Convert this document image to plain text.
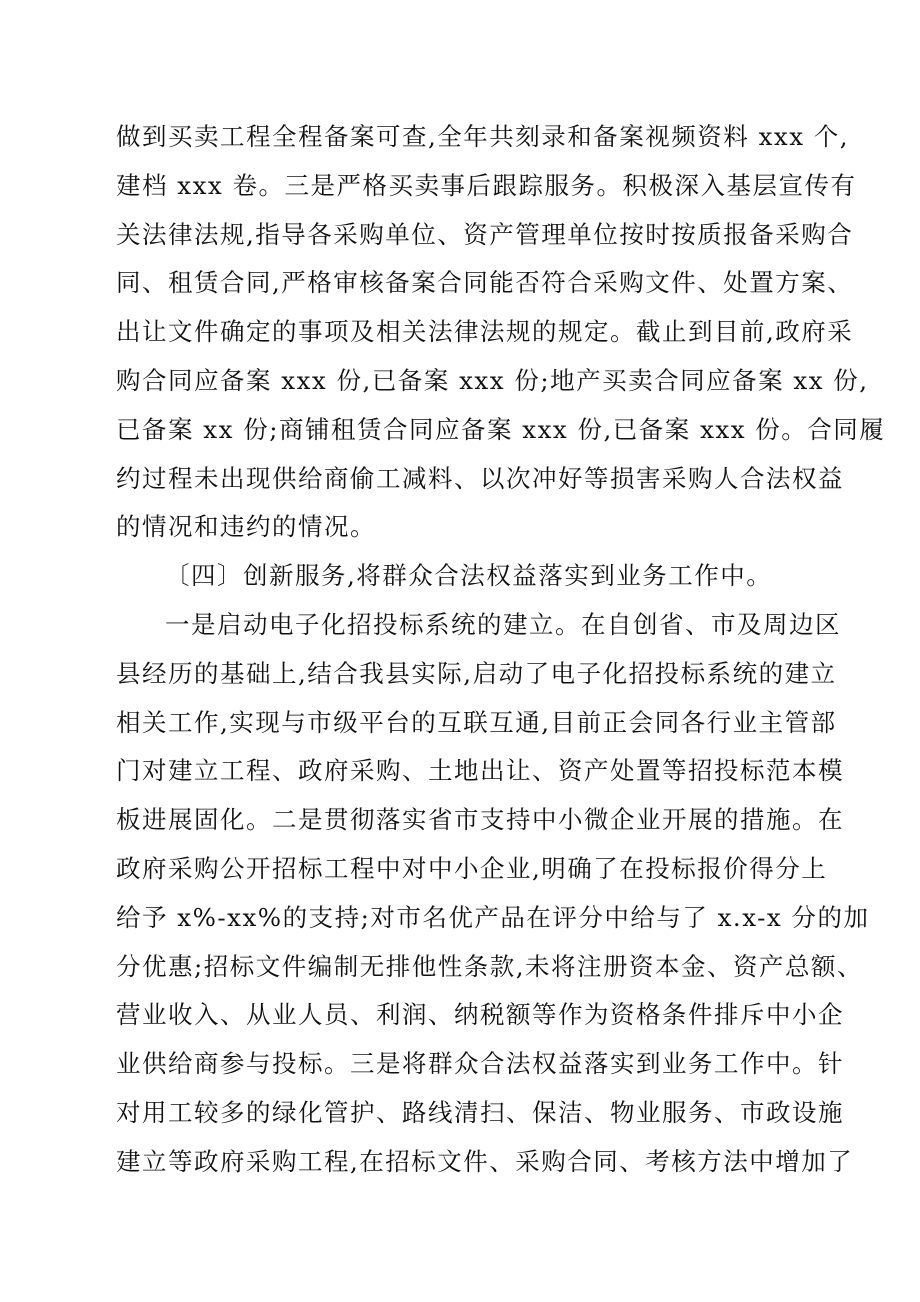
做到买卖工程全程备案可查,全年共刻录和备案视频资料 xxx 个,
建档 xxx 卷。三是严格买卖事后跟踪服务。积极深入基层宣传有
关法律法规,指导各采购单位、资产管理单位按时按质报备采购合
同、租赁合同,严格审核备案合同能否符合采购文件、处置方案、
出让文件确定的事项及相关法律法规的规定。截止到目前,政府采
购合同应备案 xxx 份,已备案 xxx 份;地产买卖合同应备案 xx 份,
已备案 xx 份;商铺租赁合同应备案 xxx 份,已备案 xxx 份。合同履
约过程未出现供给商偷工减料、以次冲好等损害采购人合法权益
的情况和违约的情况。
〔四〕创新服务,将群众合法权益落实到业务工作中。
一是启动电子化招投标系统的建立。在自创省、市及周边区
县经历的基础上,结合我县实际,启动了电子化招投标系统的建立
相关工作,实现与市级平台的互联互通,目前正会同各行业主管部
门对建立工程、政府采购、土地出让、资产处置等招投标范本模
板进展固化。二是贯彻落实省市支持中小微企业开展的措施。在
政府采购公开招标工程中对中小企业,明确了在投标报价得分上
给予 x%-xx%的支持;对市名优产品在评分中给与了 x.x-x 分的加
分优惠;招标文件编制无排他性条款,未将注册资本金、资产总额、
营业收入、从业人员、利润、纳税额等作为资格条件排斥中小企
业供给商参与投标。三是将群众合法权益落实到业务工作中。针
对用工较多的绿化管护、路线清扫、保洁、物业服务、市政设施
建立等政府采购工程,在招标文件、采购合同、考核方法中增加了
